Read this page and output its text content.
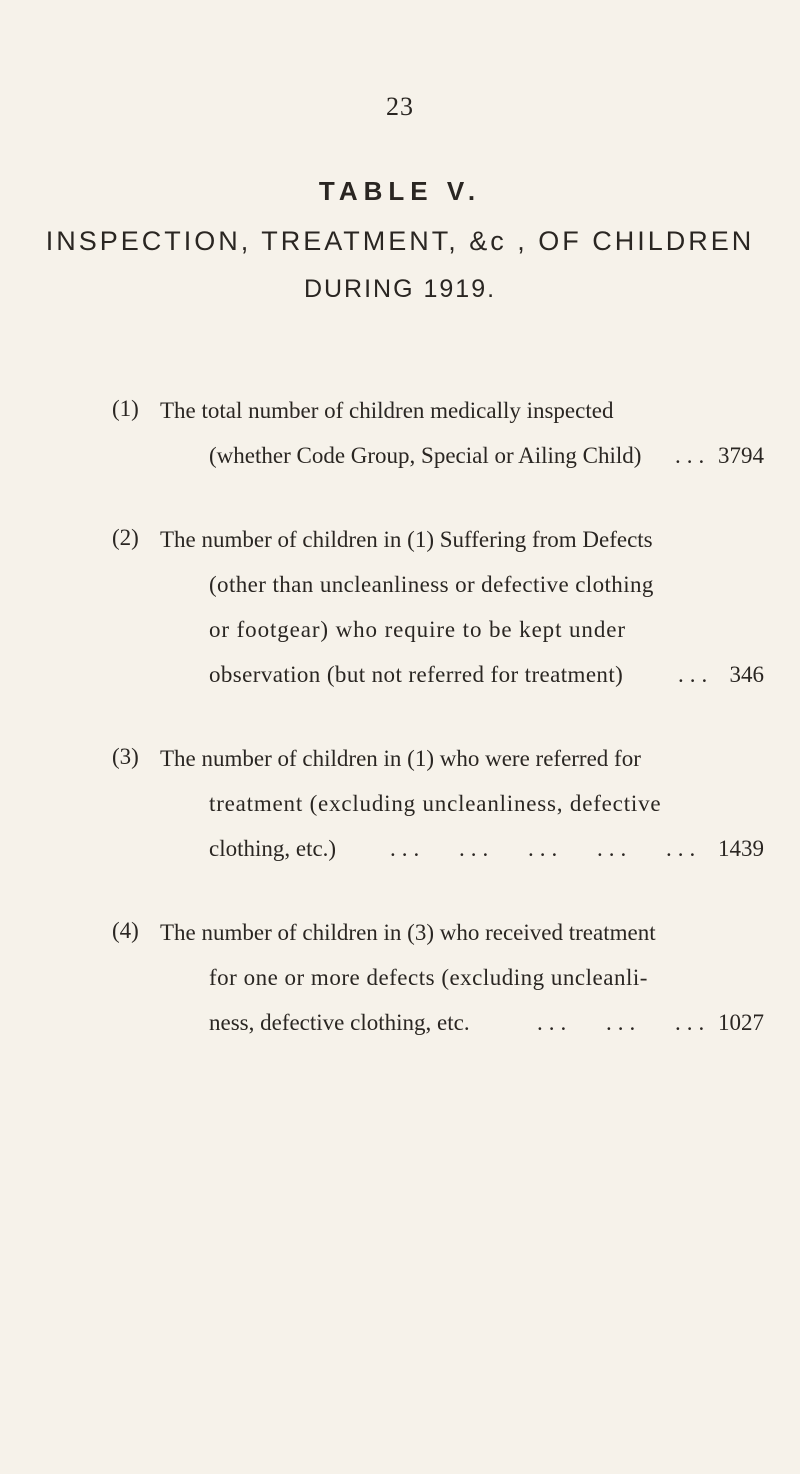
23
TABLE V.
INSPECTION, TREATMENT, &c , OF CHILDREN
DURING 1919.
(1) The total number of children medically inspected
(whether Code Group, Special or Ailing Child) ... 3794
(2) The number of children in (1) Suffering from Defects
(other than uncleanliness or defective clothing
or footgear) who require to be kept under
observation (but not referred for treatment) ... 346
(3) The number of children in (1) who were referred for
treatment (excluding uncleanliness, defective
clothing, etc.) ... ... ... ... ... 1439
(4) The number of children in (3) who received treatment
for one or more defects (excluding uncleanli-
ness, defective clothing, etc.	... ... ... 1027
